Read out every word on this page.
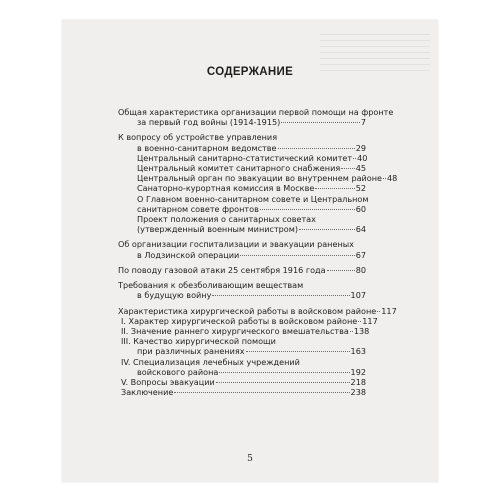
СОДЕРЖАНИЕ
Общая характеристика организации первой помощи на фронте
за первый год войны (1914-1915)	7
К вопросу об устройстве управления
в военно-санитарном ведомстве	29
Центральный санитарно-статистический комитет 40
Центральный комитет санитарного снабжения 45
Центральный орган по эвакуации во внутреннем районе 48
Санаторно-курортная комиссия в Москве	52
О Главном военно-санитарном совете и Центральном
санитарном совете фронтов	60
Проект положения о санитарных советах
(утвержденный военным министром)	64
Об организации госпитализации и эвакуации раненых
в Лодзинской операции	67
По поводу газовой атаки 25 сентября 1916 года	80
Требования к обезболивающим веществам
в будущую войну	107
Характеристика хирургической работы в войсковом районе 117
I. Характер хирургической работы в войсковом районе 117
II. Значение раннего хирургического вмешательства 138
III. Качество хирургической помощи
при различных ранениях	163
IV. Специализация лечебных учреждений
войскового района	192
V. Вопросы эвакуации	218
Заключение	238
5
